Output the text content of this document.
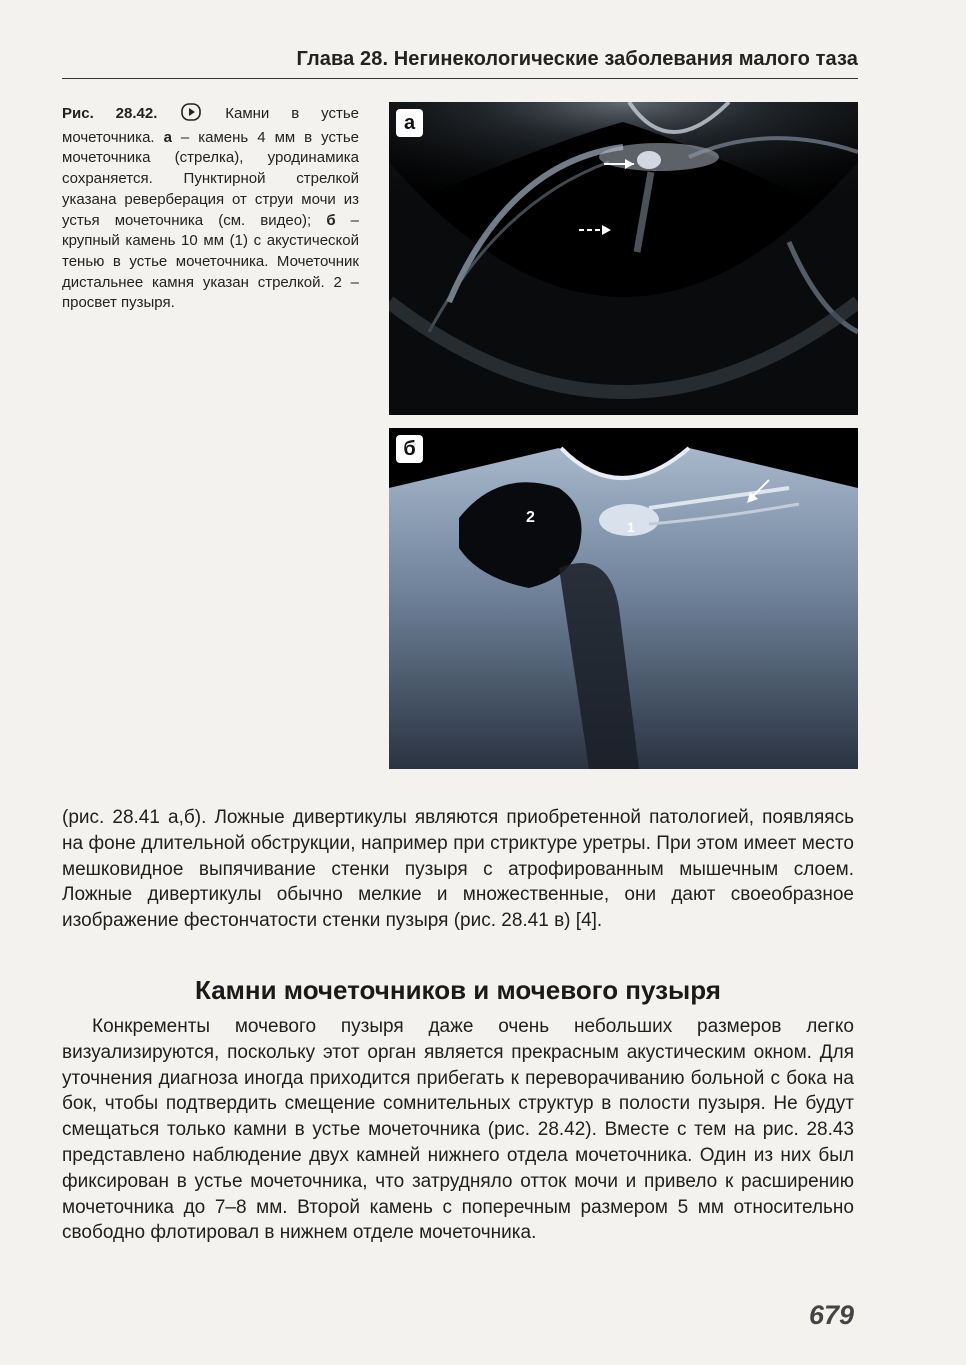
Глава 28. Негинекологические заболевания малого таза
Рис. 28.42.	Камни в устье мочеточника. а – камень 4 мм в устье мочеточника (стрелка), уродинамика сохраняется. Пунктирной стрелкой указана реверберация от струи мочи из устья мочеточника (см. видео); б – крупный камень 10 мм (1) с акустической тенью в устье мочеточника. Мочеточник дистальнее камня указан стрелкой. 2 – просвет пузыря.
а
б
2
1
(рис. 28.41 а,б). Ложные дивертикулы являются приобретенной патологией, появляясь на фоне длительной обструкции, например при стриктуре уретры. При этом имеет место мешковидное выпячивание стенки пузыря с атрофированным мышечным слоем. Ложные дивертикулы обычно мелкие и множественные, они дают своеобразное изображение фестончатости стенки пузыря (рис. 28.41 в) [4].
Камни мочеточников и мочевого пузыря
Конкременты мочевого пузыря даже очень небольших размеров легко визуализируются, поскольку этот орган является прекрасным акустическим окном. Для уточнения диагноза иногда приходится прибегать к переворачиванию больной с бока на бок, чтобы подтвердить смещение сомнительных структур в полости пузыря. Не будут смещаться только камни в устье мочеточника (рис. 28.42). Вместе с тем на рис. 28.43 представлено наблюдение двух камней нижнего отдела мочеточника. Один из них был фиксирован в устье мочеточника, что затрудняло отток мочи и привело к расширению мочеточника до 7–8 мм. Второй камень с поперечным размером 5 мм относительно свободно флотировал в нижнем отделе мочеточника.
679
